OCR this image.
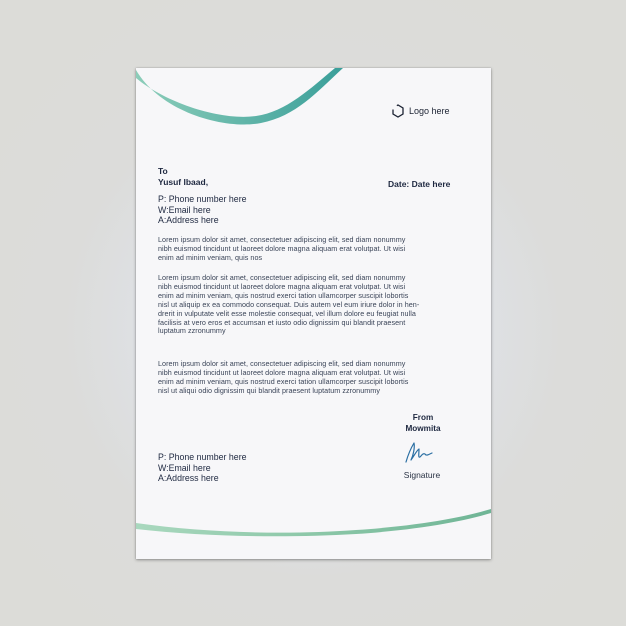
Logo here
To
Yusuf Ibaad,	Date: Date here
P: Phone number here
W:Email here
A:Address here
Lorem ipsum dolor sit amet, consectetuer adipiscing elit, sed diam nonummy
nibh euismod tincidunt ut laoreet dolore magna aliquam erat volutpat. Ut wisi
enim ad minim veniam, quis nos
Lorem ipsum dolor sit amet, consectetuer adipiscing elit, sed diam nonummy
nibh euismod tincidunt ut laoreet dolore magna aliquam erat volutpat. Ut wisi
enim ad minim veniam, quis nostrud exerci tation ullamcorper suscipit lobortis
nisl ut aliquip ex ea commodo consequat. Duis autem vel eum iriure dolor in hen-
drerit in vulputate velit esse molestie consequat, vel illum dolore eu feugiat nulla
facilisis at vero eros et accumsan et iusto odio dignissim qui blandit praesent
luptatum zzronummy
Lorem ipsum dolor sit amet, consectetuer adipiscing elit, sed diam nonummy
nibh euismod tincidunt ut laoreet dolore magna aliquam erat volutpat. Ut wisi
enim ad minim veniam, quis nostrud exerci tation ullamcorper suscipit lobortis
nisl ut aliqui odio dignissim qui blandit praesent luptatum zzronummy
From
Mowmita
Signature
P: Phone number here
W:Email here
A:Address here
